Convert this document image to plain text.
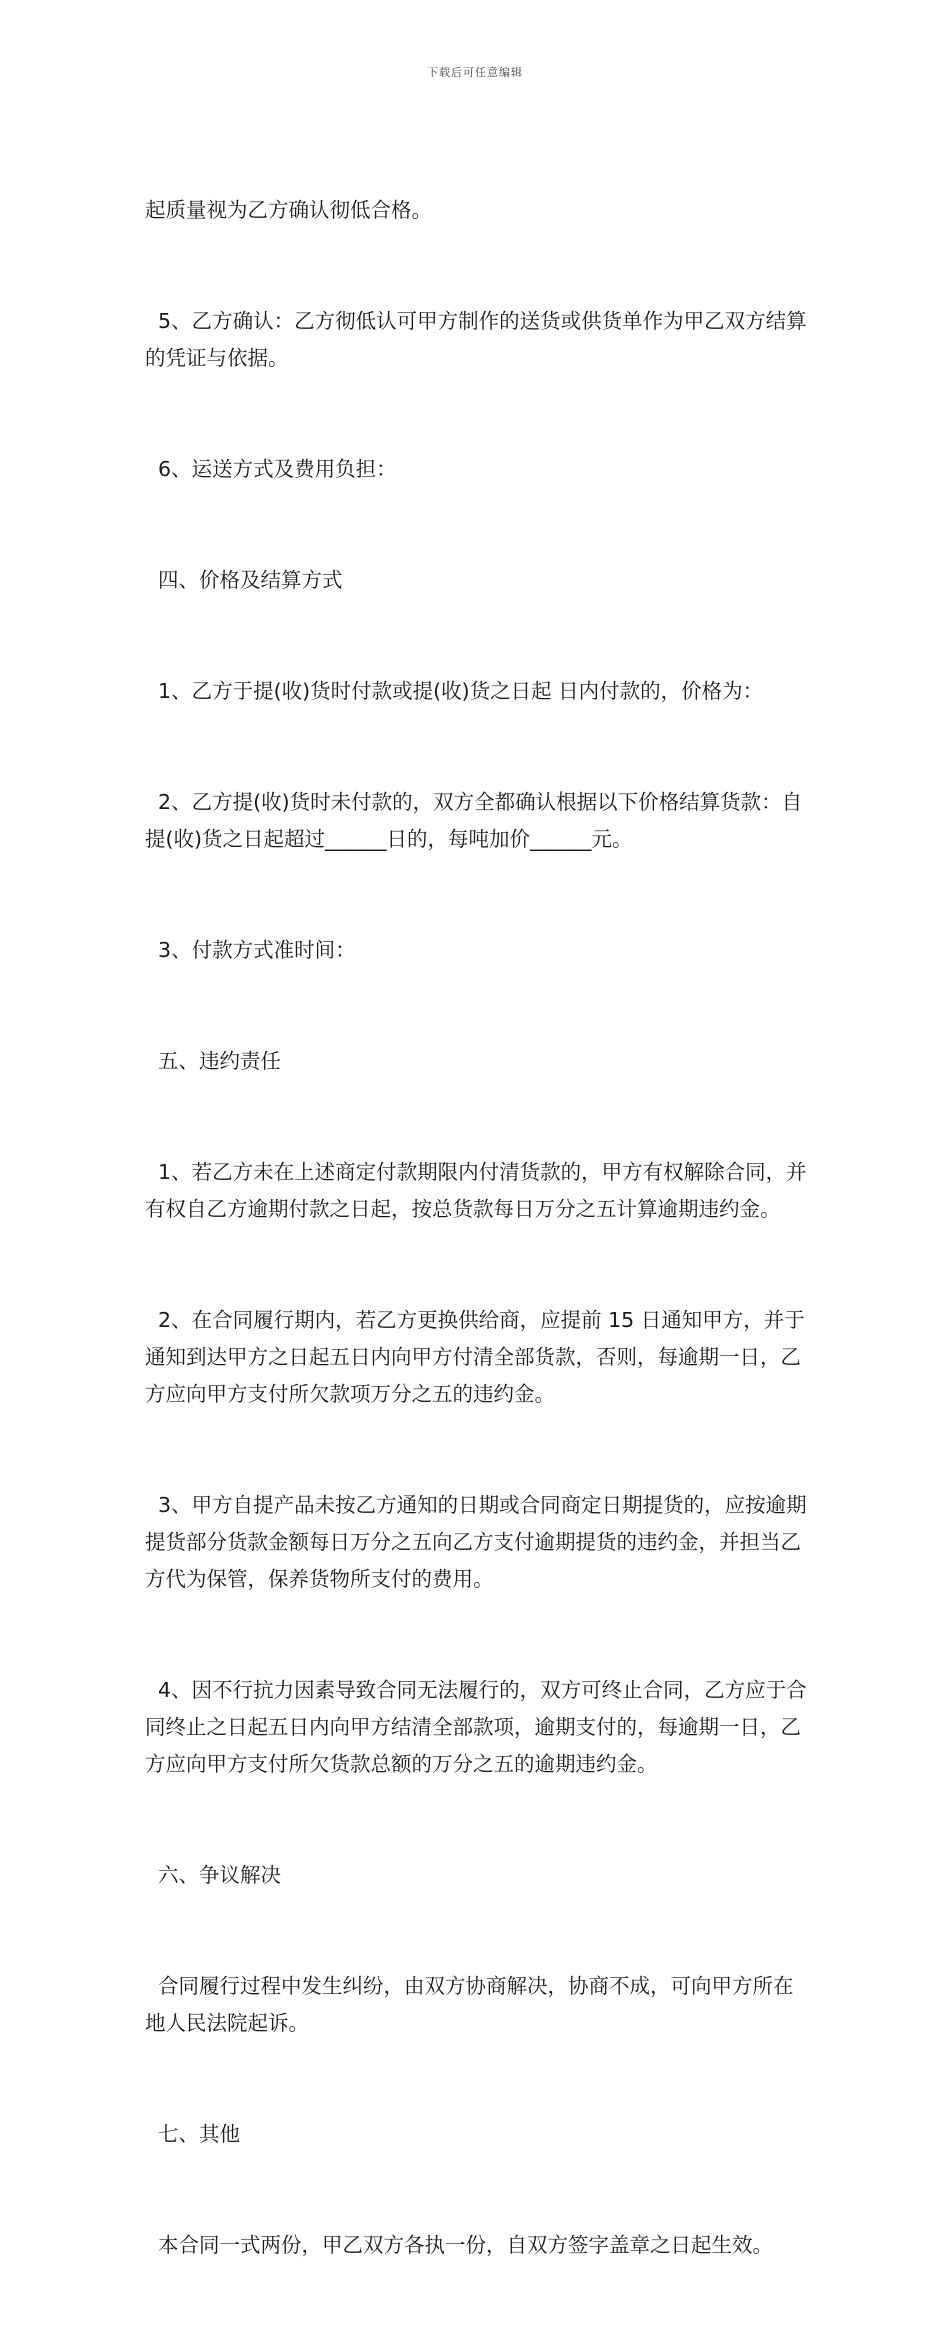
下载后可任意编辑

起质量视为乙方确认彻低合格。

5、乙方确认：乙方彻低认可甲方制作的送货或供货单作为甲乙双方结算的凭证与依据。

6、运送方式及费用负担：

四、价格及结算方式

1、乙方于提(收)货时付款或提(收)货之日起 日内付款的，价格为：

2、乙方提(收)货时未付款的，双方全都确认根据以下价格结算货款：自提(收)货之日起超过______日的，每吨加价______元。

3、付款方式准时间：

五、违约责任

1、若乙方未在上述商定付款期限内付清货款的，甲方有权解除合同，并有权自乙方逾期付款之日起，按总货款每日万分之五计算逾期违约金。

2、在合同履行期内，若乙方更换供给商，应提前 15 日通知甲方，并于通知到达甲方之日起五日内向甲方付清全部货款，否则，每逾期一日，乙方应向甲方支付所欠款项万分之五的违约金。

3、甲方自提产品未按乙方通知的日期或合同商定日期提货的，应按逾期提货部分货款金额每日万分之五向乙方支付逾期提货的违约金，并担当乙方代为保管，保养货物所支付的费用。

4、因不行抗力因素导致合同无法履行的，双方可终止合同，乙方应于合同终止之日起五日内向甲方结清全部款项，逾期支付的，每逾期一日，乙方应向甲方支付所欠货款总额的万分之五的逾期违约金。

六、争议解决

合同履行过程中发生纠纷，由双方协商解决，协商不成，可向甲方所在地人民法院起诉。

七、其他

本合同一式两份，甲乙双方各执一份，自双方签字盖章之日起生效。
